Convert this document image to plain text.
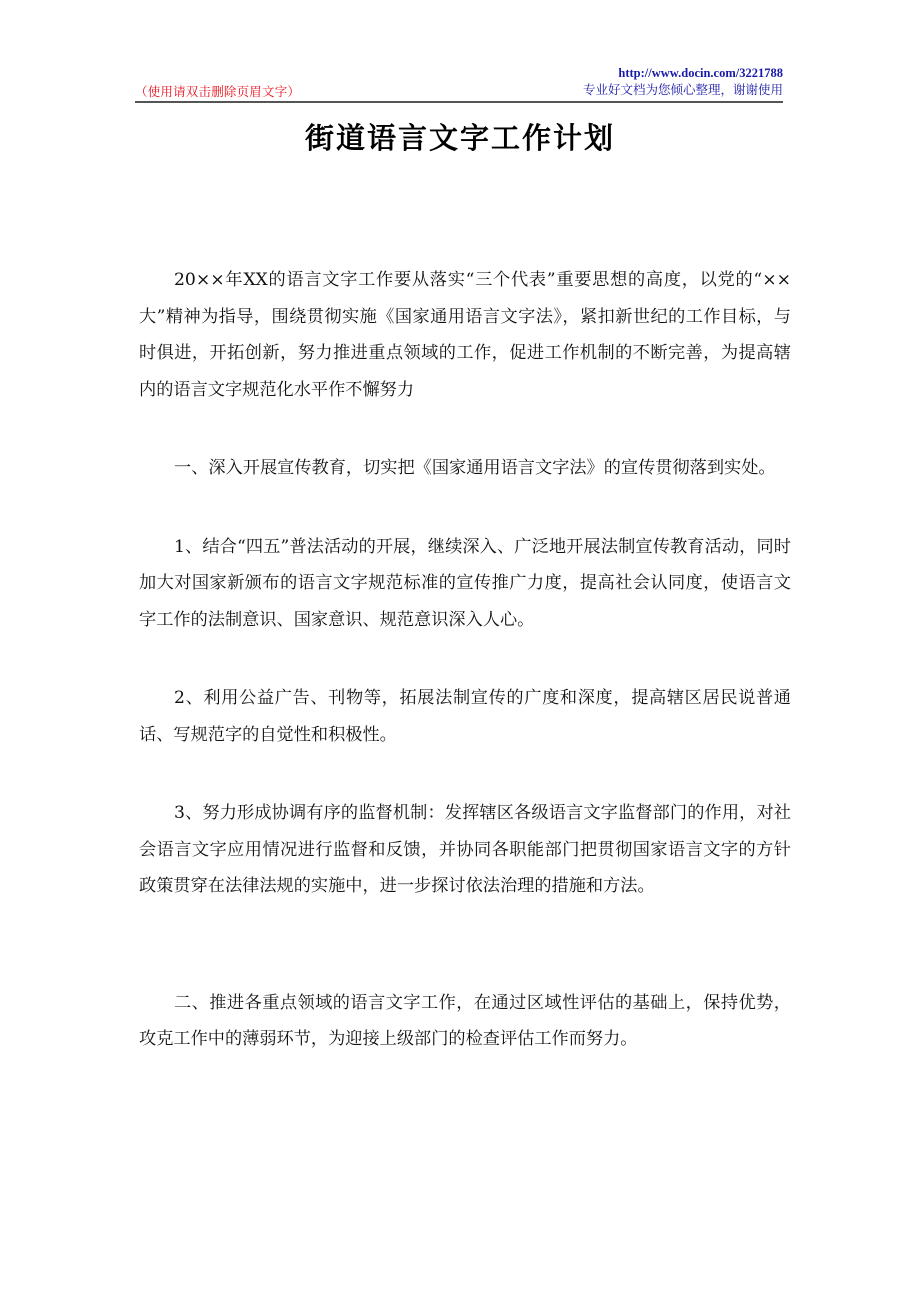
（使用请双击删除页眉文字）
http://www.docin.com/3221788
专业好文档为您倾心整理，谢谢使用
街道语言文字工作计划

20××年XX的语言文字工作要从落实“三个代表”重要思想的高度，以党的“××大”精神为指导，围绕贯彻实施《国家通用语言文字法》，紧扣新世纪的工作目标，与时俱进，开拓创新，努力推进重点领域的工作，促进工作机制的不断完善，为提高辖内的语言文字规范化水平作不懈努力

一、深入开展宣传教育，切实把《国家通用语言文字法》的宣传贯彻落到实处。

1、结合“四五”普法活动的开展，继续深入、广泛地开展法制宣传教育活动，同时加大对国家新颁布的语言文字规范标准的宣传推广力度，提高社会认同度，使语言文字工作的法制意识、国家意识、规范意识深入人心。

2、利用公益广告、刊物等，拓展法制宣传的广度和深度，提高辖区居民说普通话、写规范字的自觉性和积极性。

3、努力形成协调有序的监督机制：发挥辖区各级语言文字监督部门的作用，对社会语言文字应用情况进行监督和反馈，并协同各职能部门把贯彻国家语言文字的方针政策贯穿在法律法规的实施中，进一步探讨依法治理的措施和方法。

二、推进各重点领域的语言文字工作，在通过区域性评估的基础上，保持优势，攻克工作中的薄弱环节，为迎接上级部门的检查评估工作而努力。
